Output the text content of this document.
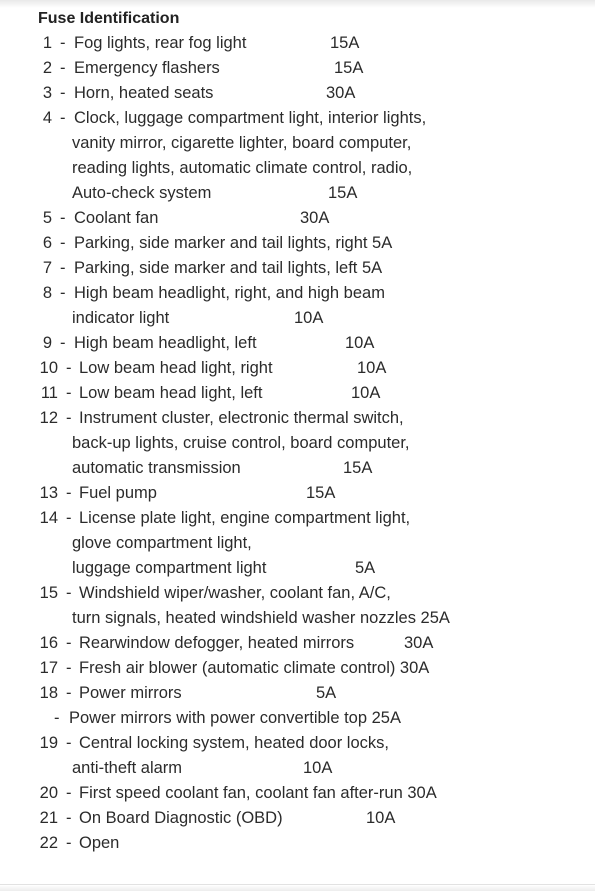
Fuse Identification
1 - Fog lights, rear fog light	15A
2 - Emergency flashers	15A
3 - Horn, heated seats	30A
4 - Clock, luggage compartment light, interior lights,
vanity mirror, cigarette lighter, board computer,
reading lights, automatic climate control, radio,
Auto-check system	15A
5 - Coolant fan	30A
6 - Parking, side marker and tail lights, right 5A
7 - Parking, side marker and tail lights, left 5A
8 - High beam headlight, right, and high beam
indicator light	10A
9 - High beam headlight, left	10A
10 - Low beam head light, right	10A
11 - Low beam head light, left	10A
12 - Instrument cluster, electronic thermal switch,
back-up lights, cruise control, board computer,
automatic transmission	15A
13 - Fuel pump	15A
14 - License plate light, engine compartment light,
glove compartment light,
luggage compartment light	5A
15 - Windshield wiper/washer, coolant fan, A/C,
turn signals, heated windshield washer nozzles 25A
16 - Rearwindow defogger, heated mirrors	30A
17 - Fresh air blower (automatic climate control) 30A
18 - Power mirrors	5A
- Power mirrors with power convertible top 25A
19 - Central locking system, heated door locks,
anti-theft alarm	10A
20 - First speed coolant fan, coolant fan after-run 30A
21 - On Board Diagnostic (OBD)	10A
22 - Open
